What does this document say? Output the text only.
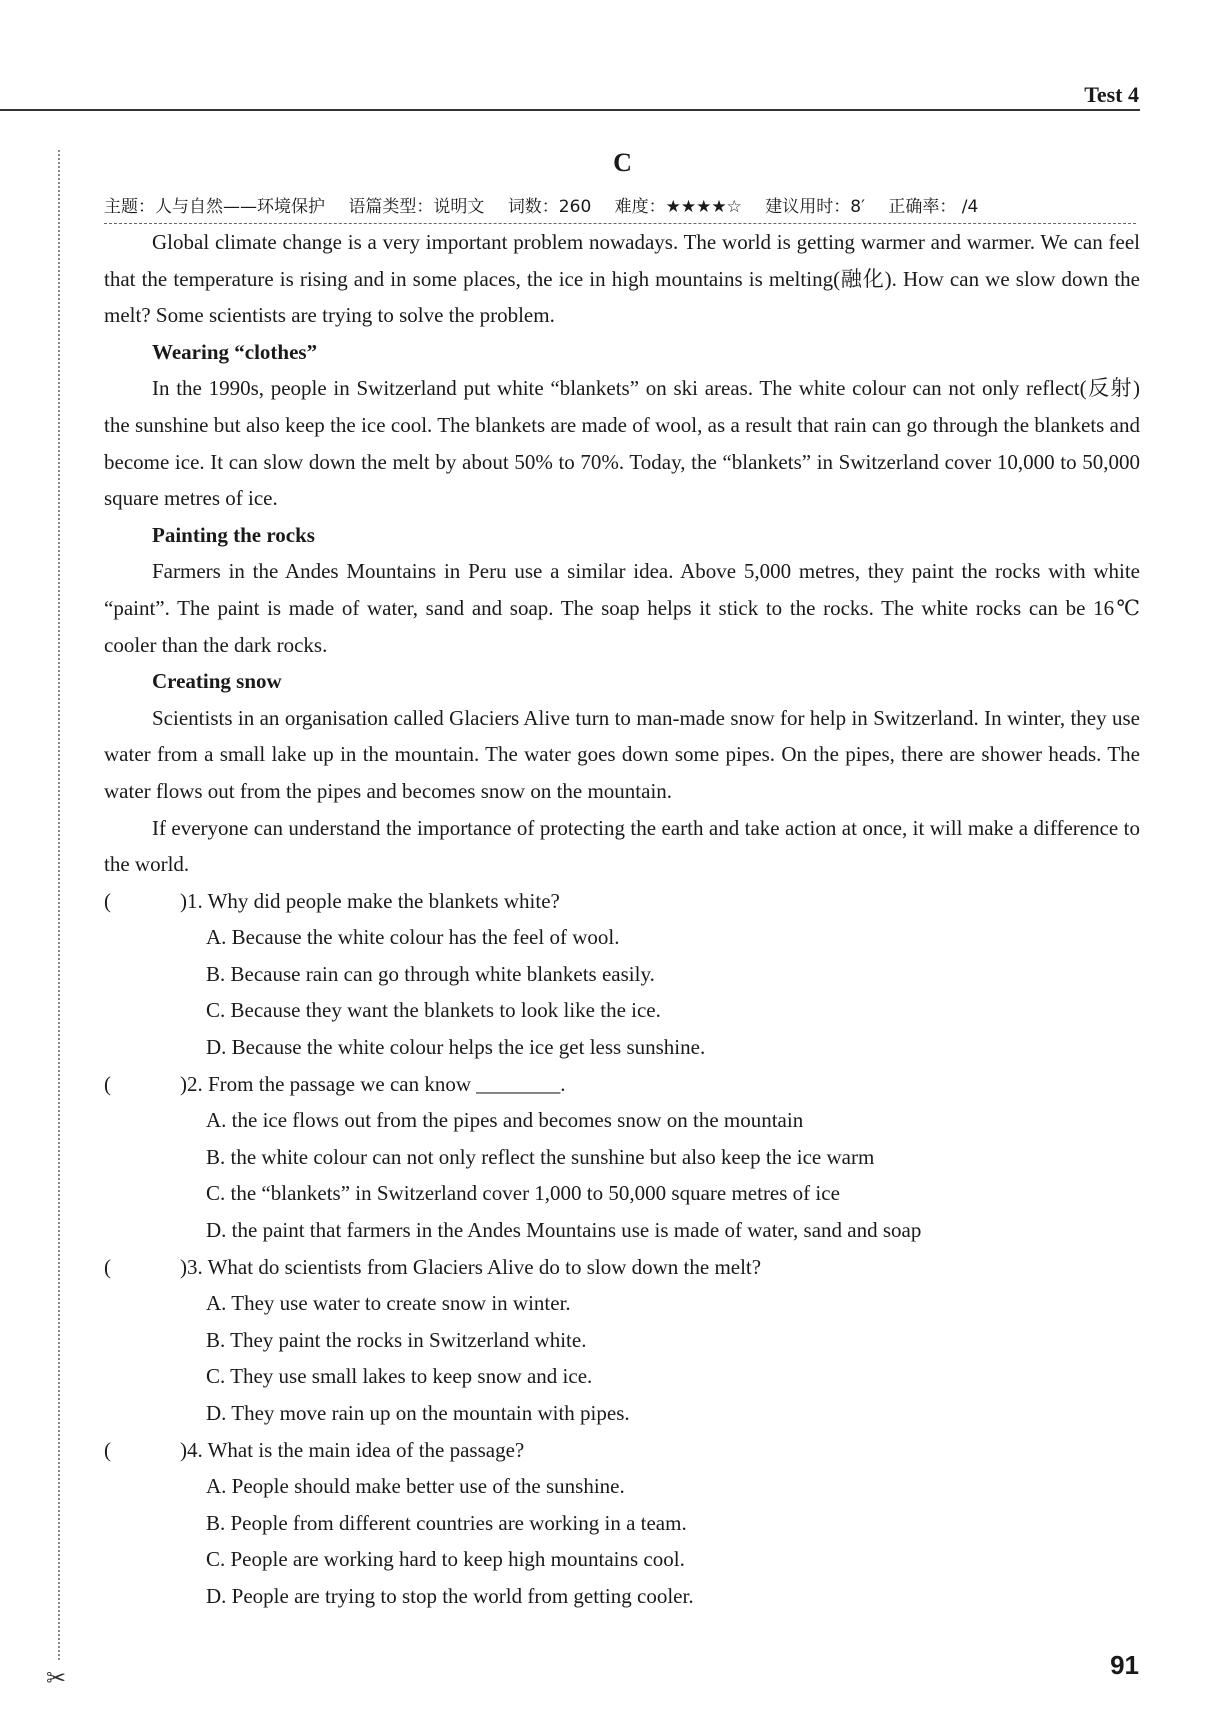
Test 4
✂
C
主题：人与自然——环境保护 语篇类型：说明文 词数：260 难度：★★★★☆ 建议用时：8′ 正确率： /4

Global climate change is a very important problem nowadays. The world is getting warmer and warmer. We can feel that the temperature is rising and in some places, the ice in high mountains is melting(融化). How can we slow down the melt? Some scientists are trying to solve the problem.

Wearing “clothes”

In the 1990s, people in Switzerland put white “blankets” on ski areas. The white colour can not only reflect(反射) the sunshine but also keep the ice cool. The blankets are made of wool, as a result that rain can go through the blankets and become ice. It can slow down the melt by about 50% to 70%. Today, the “blankets” in Switzerland cover 10,000 to 50,000 square metres of ice.

Painting the rocks

Farmers in the Andes Mountains in Peru use a similar idea. Above 5,000 metres, they paint the rocks with white “paint”. The paint is made of water, sand and soap. The soap helps it stick to the rocks. The white rocks can be 16℃ cooler than the dark rocks.

Creating snow

Scientists in an organisation called Glaciers Alive turn to man-made snow for help in Switzerland. In winter, they use water from a small lake up in the mountain. The water goes down some pipes. On the pipes, there are shower heads. The water flows out from the pipes and becomes snow on the mountain.

If everyone can understand the importance of protecting the earth and take action at once, it will make a difference to the world.

(	)1. Why did people make the blankets white?

A. Because the white colour has the feel of wool.

B. Because rain can go through white blankets easily.

C. Because they want the blankets to look like the ice.

D. Because the white colour helps the ice get less sunshine.

(	)2. From the passage we can know ________.

A. the ice flows out from the pipes and becomes snow on the mountain

B. the white colour can not only reflect the sunshine but also keep the ice warm

C. the “blankets” in Switzerland cover 1,000 to 50,000 square metres of ice

D. the paint that farmers in the Andes Mountains use is made of water, sand and soap

(	)3. What do scientists from Glaciers Alive do to slow down the melt?

A. They use water to create snow in winter.

B. They paint the rocks in Switzerland white.

C. They use small lakes to keep snow and ice.

D. They move rain up on the mountain with pipes.

(	)4. What is the main idea of the passage?

A. People should make better use of the sunshine.

B. People from different countries are working in a team.

C. People are working hard to keep high mountains cool.

D. People are trying to stop the world from getting cooler.

91
